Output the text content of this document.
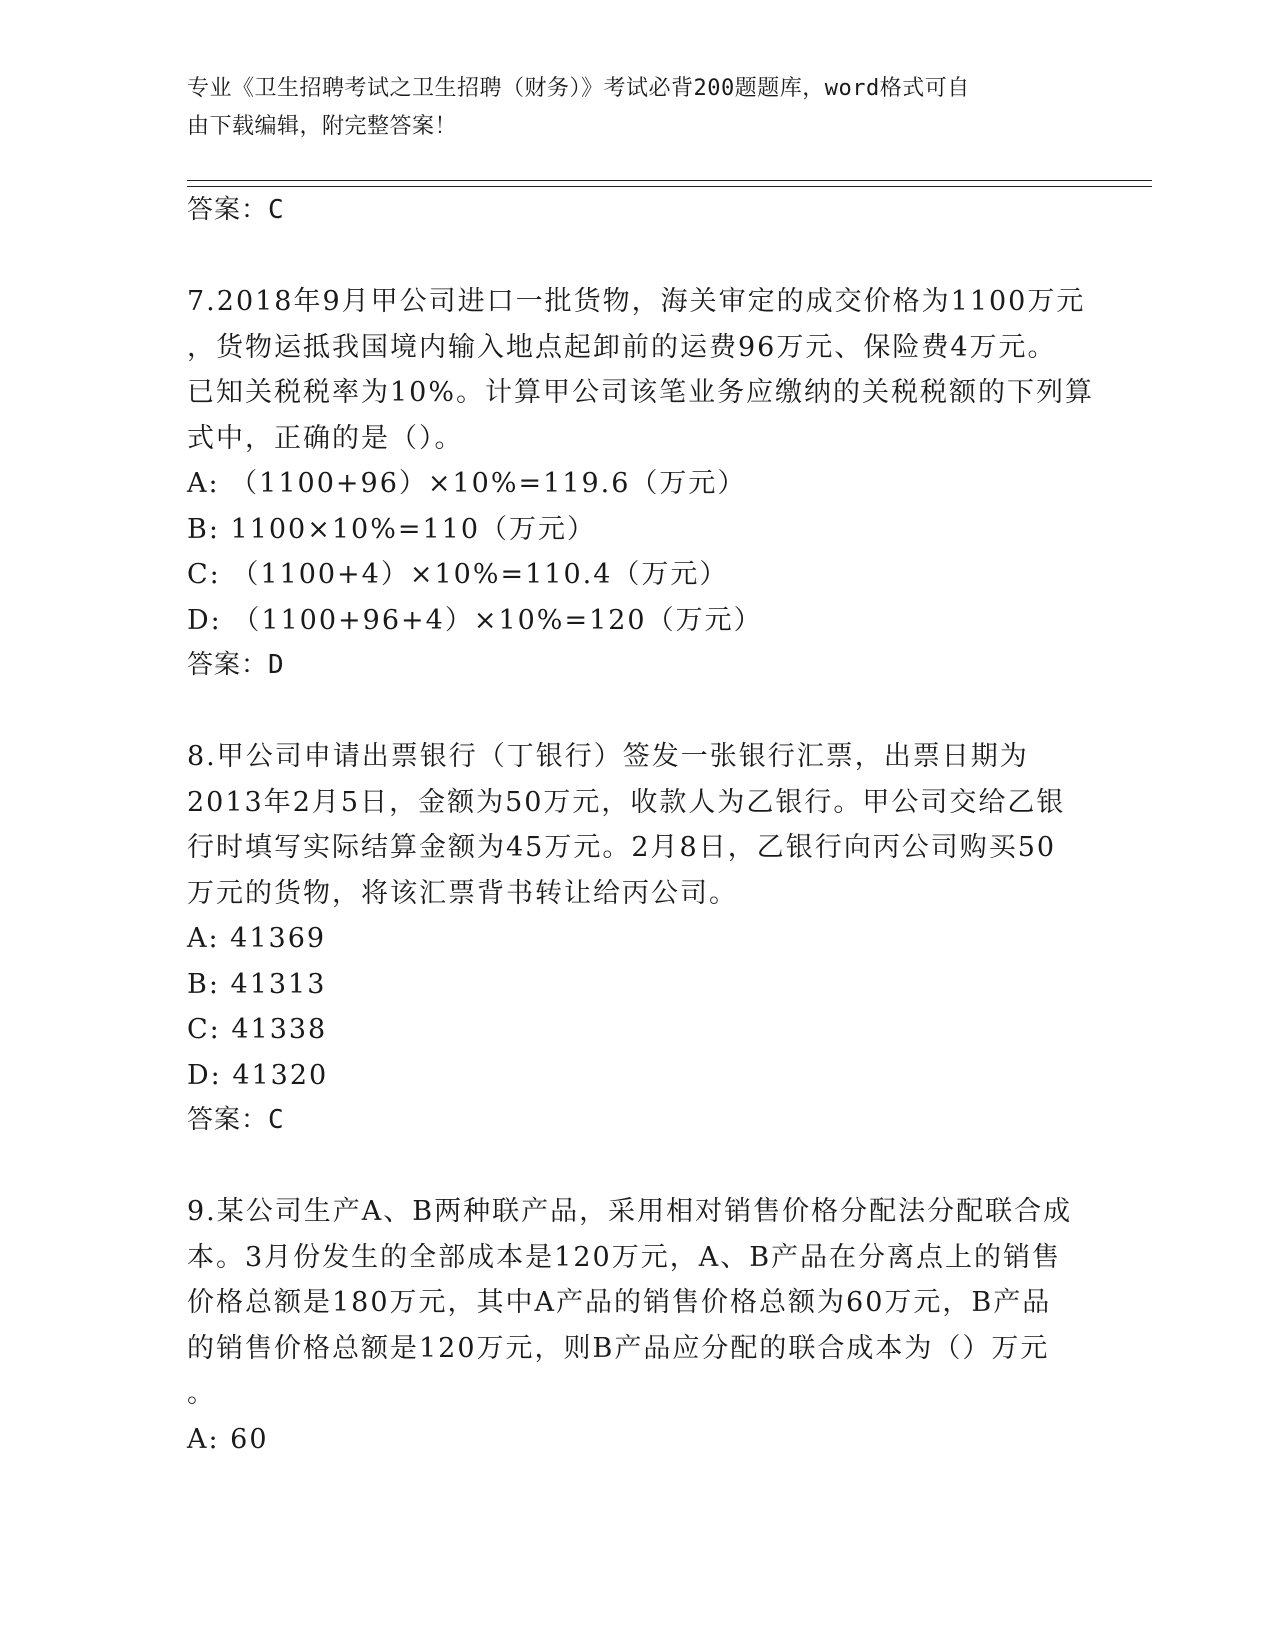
专业《卫生招聘考试之卫生招聘（财务）》考试必背200题题库，word格式可自
由下载编辑，附完整答案！
答案：C
7.2018年9月甲公司进口一批货物，海关审定的成交价格为1100万元
，货物运抵我国境内输入地点起卸前的运费96万元、保险费4万元。
已知关税税率为10%。计算甲公司该笔业务应缴纳的关税税额的下列算
式中，正确的是（）。
A: （1100+96）×10%=119.6（万元）
B: 1100×10%=110（万元）
C: （1100+4）×10%=110.4（万元）
D: （1100+96+4）×10%=120（万元）
答案：D
8.甲公司申请出票银行（丁银行）签发一张银行汇票，出票日期为
2013年2月5日，金额为50万元，收款人为乙银行。甲公司交给乙银
行时填写实际结算金额为45万元。2月8日，乙银行向丙公司购买50
万元的货物，将该汇票背书转让给丙公司。
A: 41369
B: 41313
C: 41338
D: 41320
答案：C
9.某公司生产A、B两种联产品，采用相对销售价格分配法分配联合成
本。3月份发生的全部成本是120万元，A、B产品在分离点上的销售
价格总额是180万元，其中A产品的销售价格总额为60万元，B产品
的销售价格总额是120万元，则B产品应分配的联合成本为（）万元
。
A: 60
